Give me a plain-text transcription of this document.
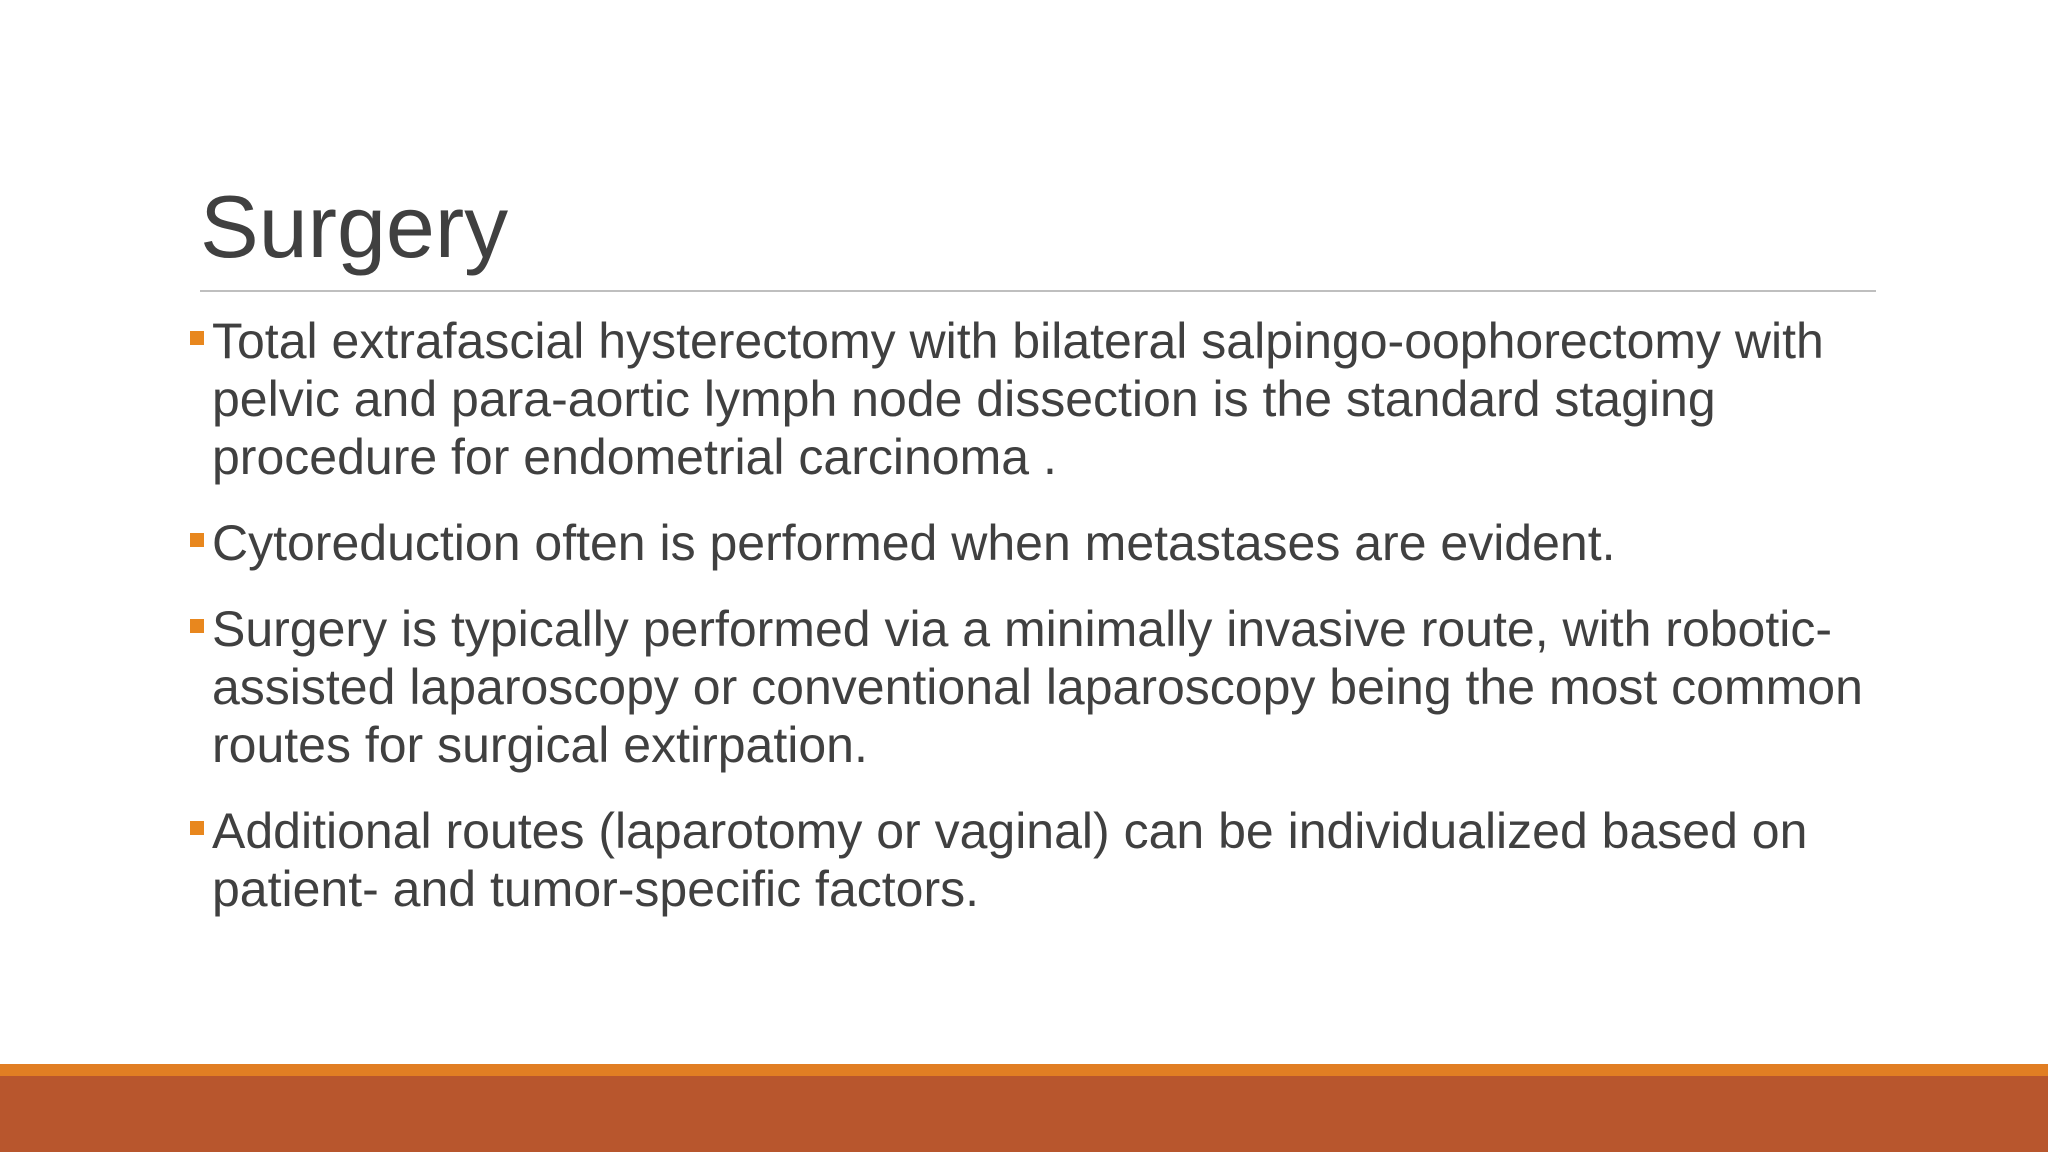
Surgery
Total extrafascial hysterectomy with bilateral salpingo-oophorectomy with pelvic and para-aortic lymph node dissection is the standard staging procedure for endometrial carcinoma .
Cytoreduction often is performed when metastases are evident.
Surgery is typically performed via a minimally invasive route, with robotic-assisted laparoscopy or conventional laparoscopy being the most common routes for surgical extirpation.
Additional routes (laparotomy or vaginal) can be individualized based on patient- and tumor-specific factors.
